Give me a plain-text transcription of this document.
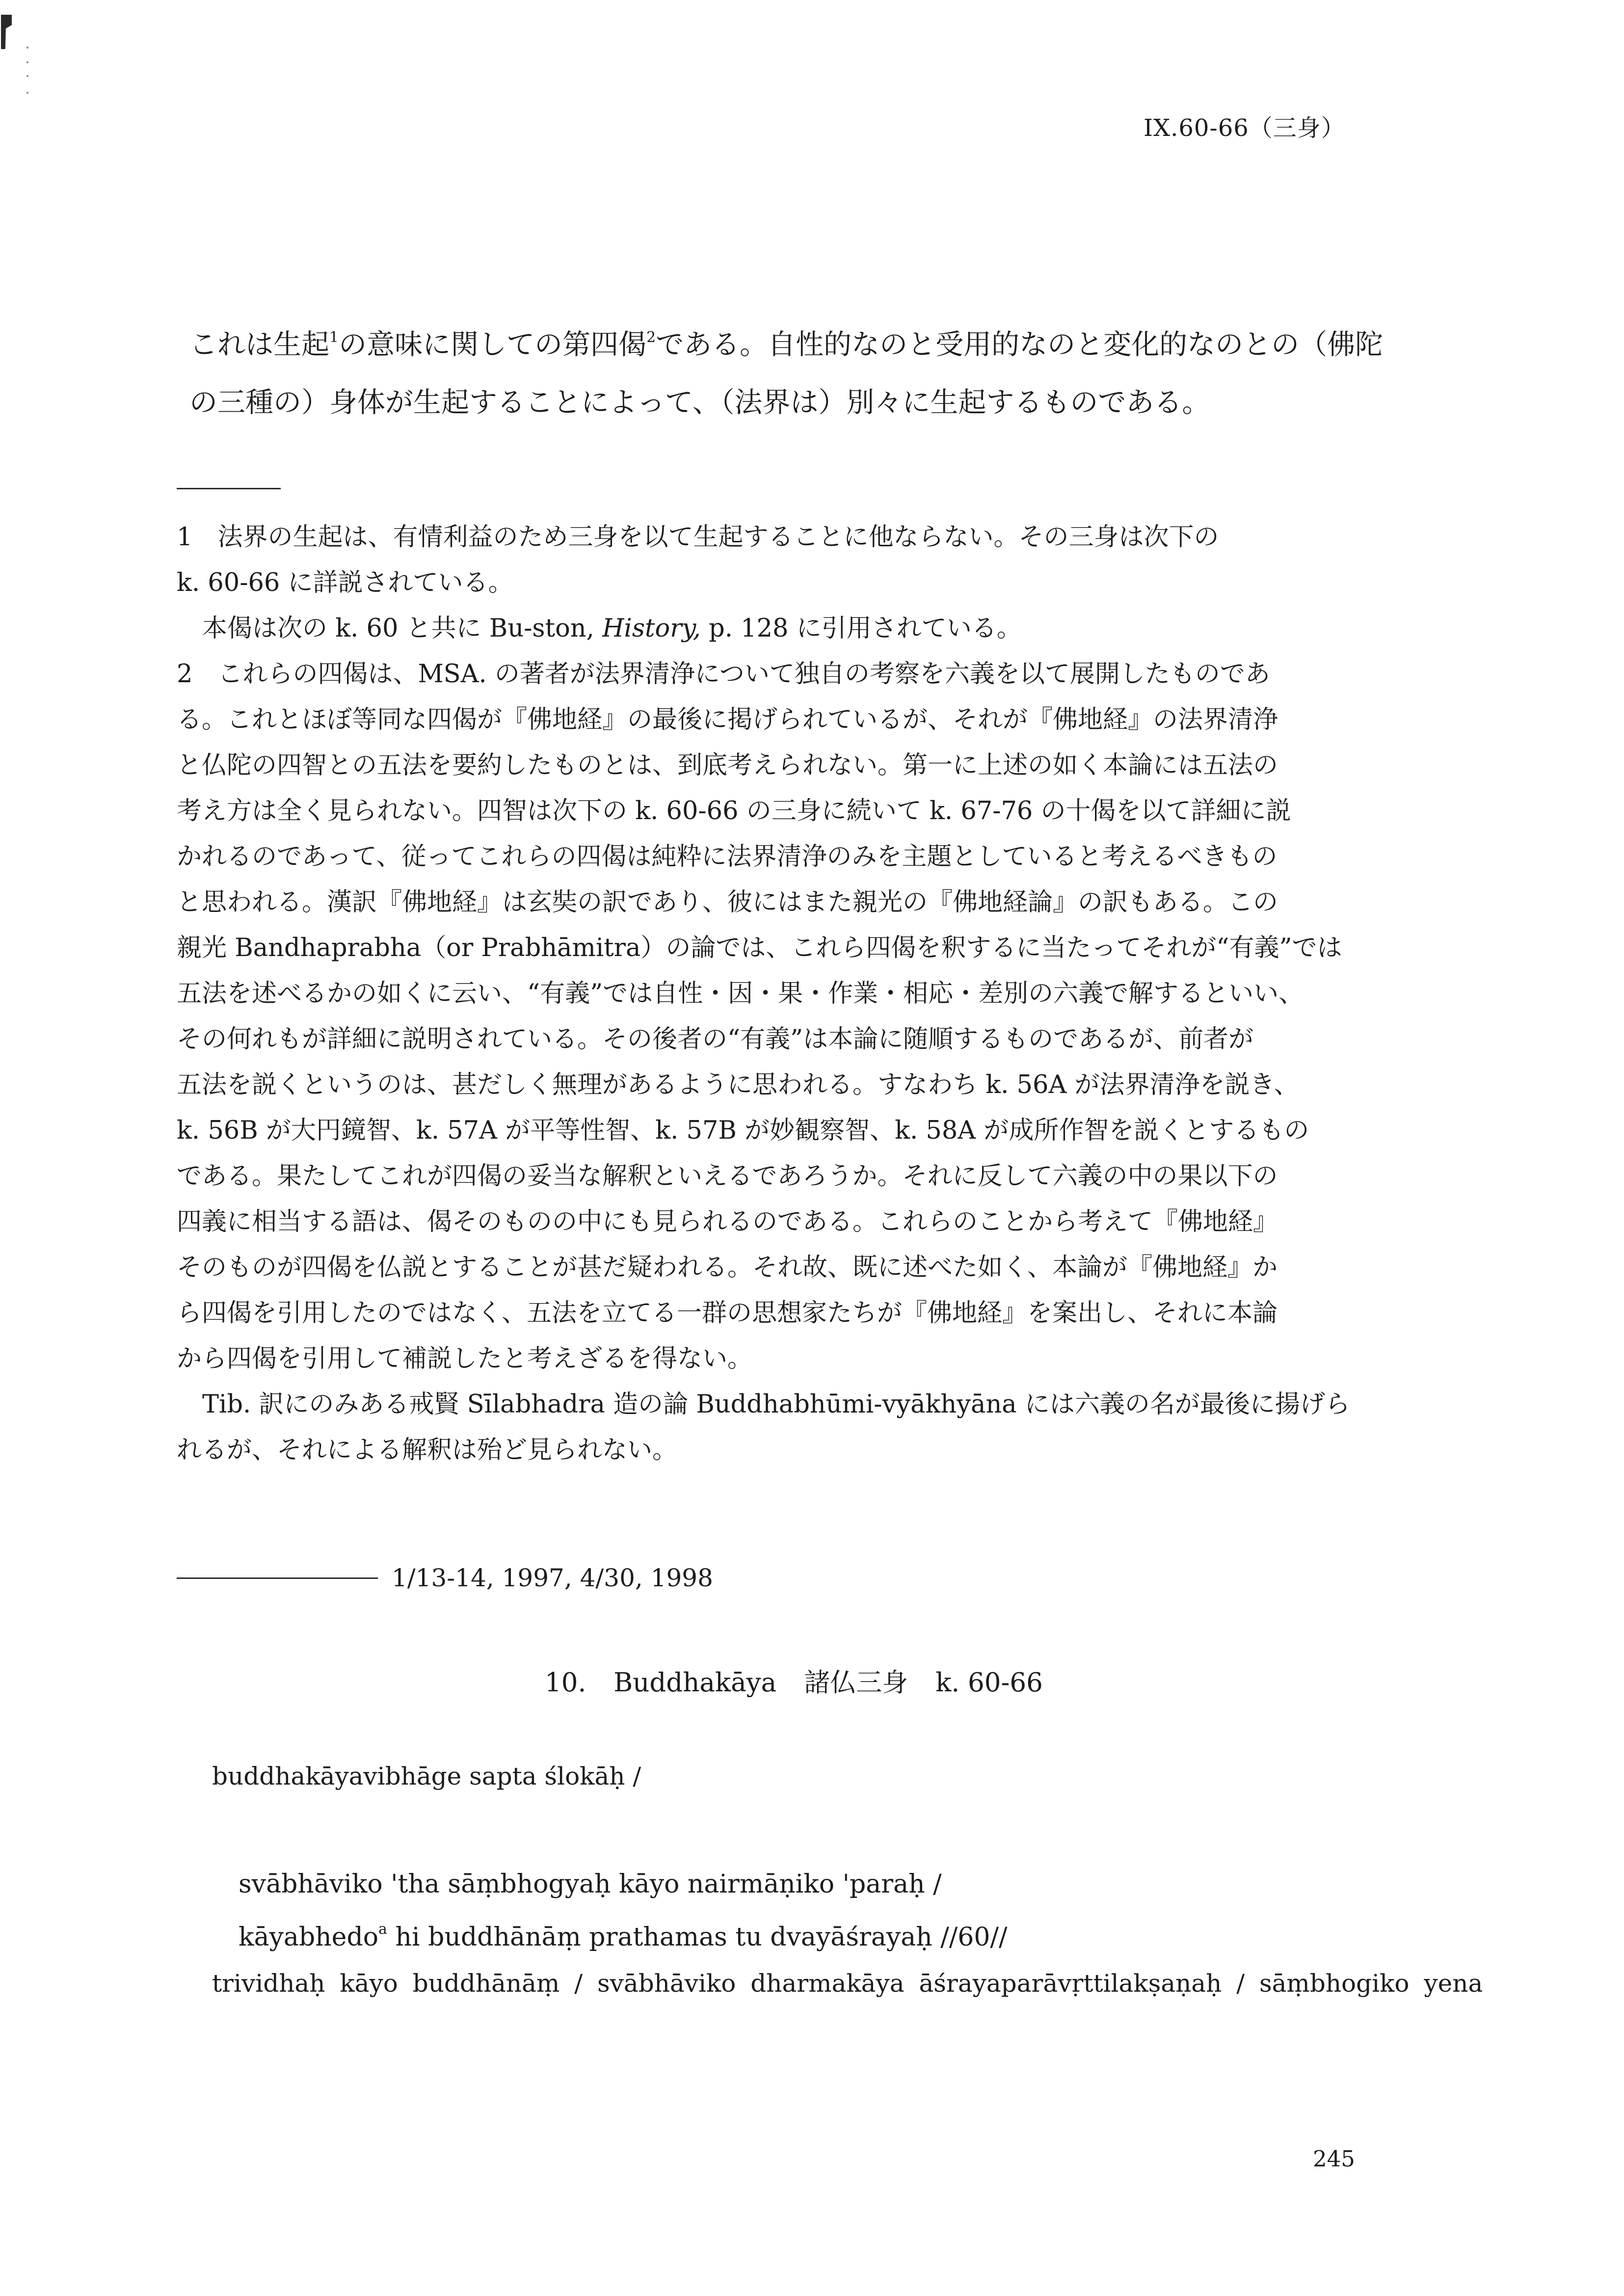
IX.60-66（三身）

これは生起$^1$の意味に関しての第四偈$^2$である。自性的なのと受用的なのと変化的なのとの（佛陀

の三種の）身体が生起することによって、（法界は）別々に生起するものである。

1　法界の生起は、有情利益のため三身を以て生起することに他ならない。その三身は次下の

k. 60-66 に詳説されている。

本偈は次の k. 60 と共に Bu-ston, History, p. 128 に引用されている。

2　これらの四偈は、MSA. の著者が法界清浄について独自の考察を六義を以て展開したものであ

る。これとほぼ等同な四偈が『佛地経』の最後に掲げられているが、それが『佛地経』の法界清浄

と仏陀の四智との五法を要約したものとは、到底考えられない。第一に上述の如く本論には五法の

考え方は全く見られない。四智は次下の k. 60-66 の三身に続いて k. 67-76 の十偈を以て詳細に説

かれるのであって、従ってこれらの四偈は純粋に法界清浄のみを主題としていると考えるべきもの

と思われる。漢訳『佛地経』は玄奘の訳であり、彼にはまた親光の『佛地経論』の訳もある。この

親光 Bandhaprabha（or Prabhāmitra）の論では、これら四偈を釈するに当たってそれが“有義”では

五法を述べるかの如くに云い、“有義”では自性・因・果・作業・相応・差別の六義で解するといい、

その何れもが詳細に説明されている。その後者の“有義”は本論に随順するものであるが、前者が

五法を説くというのは、甚だしく無理があるように思われる。すなわち k. 56A が法界清浄を説き、

k. 56B が大円鏡智、k. 57A が平等性智、k. 57B が妙観察智、k. 58A が成所作智を説くとするもの

である。果たしてこれが四偈の妥当な解釈といえるであろうか。それに反して六義の中の果以下の

四義に相当する語は、偈そのものの中にも見られるのである。これらのことから考えて『佛地経』

そのものが四偈を仏説とすることが甚だ疑われる。それ故、既に述べた如く、本論が『佛地経』か

ら四偈を引用したのではなく、五法を立てる一群の思想家たちが『佛地経』を案出し、それに本論

から四偈を引用して補説したと考えざるを得ない。

Tib. 訳にのみある戒賢 Sīlabhadra 造の論 Buddhabhūmi-vyākhyāna には六義の名が最後に揚げら

れるが、それによる解釈は殆ど見られない。

1/13-14, 1997, 4/30, 1998
10. Buddhakāya 諸仏三身 k. 60-66
buddhakāyavibhāge sapta ślokāḥ /

svābhāviko 'tha sāṃbhogyaḥ kāyo nairmāṇiko 'paraḥ /

kāyabhedo$^a$ hi buddhānāṃ prathamas tu dvayāśrayaḥ //60//

trividhaḥ kāyo buddhānāṃ / svābhāviko dharmakāya āśrayaparāvṛttilakṣaṇaḥ / sāṃbhogiko yena
245
